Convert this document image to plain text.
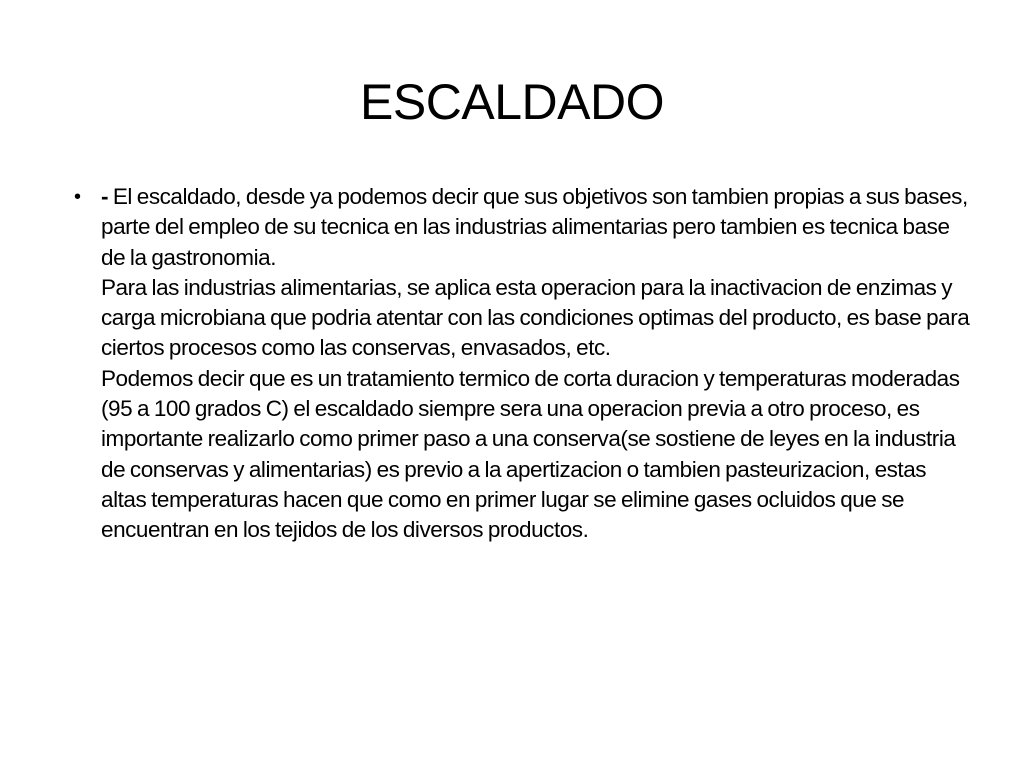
ESCALDADO
• - El escaldado, desde ya podemos decir que sus objetivos son tambien propias a sus bases, parte del empleo de su tecnica en las industrias alimentarias pero tambien es tecnica base de la gastronomia.

Para las industrias alimentarias, se aplica esta operacion para la inactivacion de enzimas y carga microbiana que podria atentar con las condiciones optimas del producto, es base para ciertos procesos como las conservas, envasados, etc.

Podemos decir que es un tratamiento termico de corta duracion y temperaturas moderadas (95 a 100 grados C) el escaldado siempre sera una operacion previa a otro proceso, es importante realizarlo como primer paso a una conserva(se sostiene de leyes en la industria de conservas y alimentarias) es previo a la apertizacion o tambien pasteurizacion, estas altas temperaturas hacen que como en primer lugar se elimine gases ocluidos que se encuentran en los tejidos de los diversos productos.
